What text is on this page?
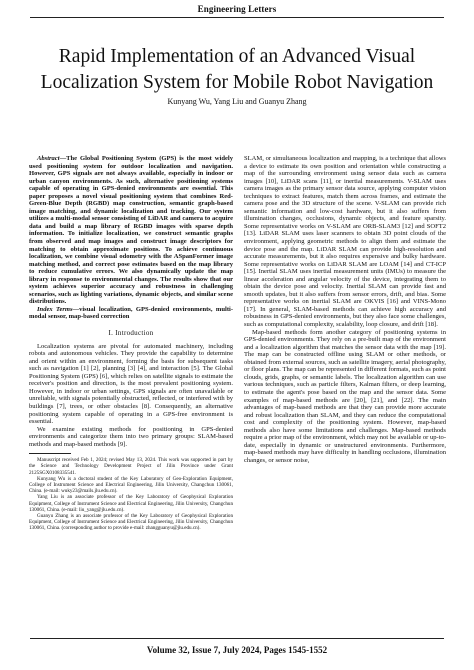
Engineering Letters
Rapid Implementation of an Advanced Visual Localization System for Mobile Robot Navigation
Kunyang Wu, Yang Liu and Guanyu Zhang

Abstract—The Global Positioning System (GPS) is the most widely used positioning system for outdoor localization and navigation. However, GPS signals are not always available, especially in indoor or urban canyon environments. As such, alternative positioning systems capable of operating in GPS-denied environments are essential. This paper proposes a novel visual positioning system that combines Red-Green-Blue Depth (RGBD) map construction, semantic graph-based image matching, and dynamic localization and tracking. Our system utilizes a multi-modal sensor consisting of LiDAR and camera to acquire data and build a map library of RGBD images with sparse depth information. To initialize localization, we construct semantic graphs from observed and map images and construct image descriptors for matching to obtain approximate positions. To achieve continuous localization, we combine visual odometry with the ASpanFormer image matching method, and correct pose estimates based on the map library to reduce cumulative errors. We also dynamically update the map library in response to environmental changes. The results show that our system achieves superior accuracy and robustness in challenging scenarios, such as lighting variations, dynamic objects, and similar scene distributions.

Index Terms—visual localization, GPS-denied environments, multi-modal sensor, map-based correction

I. Introduction

Localization systems are pivotal for automated machinery, including robots and autonomous vehicles. They provide the capability to determine and orient within an environment, forming the basis for subsequent tasks such as navigation [1] [2], planning [3] [4], and interaction [5]. The Global Positioning System (GPS) [6], which relies on satellite signals to estimate the receiver's position and direction, is the most prevalent positioning system. However, in indoor or urban settings, GPS signals are often unavailable or unreliable, with signals potentially obstructed, reflected, or interfered with by buildings [7], trees, or other obstacles [8]. Consequently, an alternative positioning system capable of operating in a GPS-free environment is essential.

We examine existing methods for positioning in GPS-denied environments and categorize them into two primary groups: SLAM-based methods and map-based methods [9].

Manuscript received Feb 1, 2024; revised May 13, 2024. This work was supported in part by the Science and Technology Development Project of Jilin Province under Grant 2125SGX0108335541.

Kunyang Wu is a doctoral student of the Key Laboratory of Geo-Exploration Equipment, College of Instrument Science and Electrical Engineering, Jilin University, Changchun 130061, China. (e-mail: wuky23@mails.jlu.edu.cn).

Yang Liu is an associate professor of the Key Laboratory of Geophysical Exploration Equipment, College of Instrument Science and Electrical Engineering, Jilin University, Changchun 130061, China. (e-mail: liu_yang@jlu.edu.cn).

Guanyu Zhang is an associate professor of the Key Laboratory of Geophysical Exploration Equipment, College of Instrument Science and Electrical Engineering, Jilin University, Changchun 130061, China. (corresponding author to provide e-mail: zhangguanyu@jlu.edu.cn).

SLAM, or simultaneous localization and mapping, is a technique that allows a device to estimate its own position and orientation while constructing a map of the surrounding environment using sensor data such as camera images [10], LiDAR scans [11], or inertial measurements. V-SLAM uses camera images as the primary sensor data source, applying computer vision techniques to extract features, match them across frames, and estimate the camera pose and the 3D structure of the scene. V-SLAM can provide rich semantic information and low-cost hardware, but it also suffers from illumination changes, occlusions, dynamic objects, and feature sparsity. Some representative works on V-SLAM are ORB-SLAM3 [12] and SOFT2 [13]. LiDAR SLAM uses laser scanners to obtain 3D point clouds of the environment, applying geometric methods to align them and estimate the device pose and the map. LiDAR SLAM can provide high-resolution and accurate measurements, but it also requires expensive and bulky hardware. Some representative works on LiDAR SLAM are LOAM [14] and CT-ICP [15]. Inertial SLAM uses inertial measurement units (IMUs) to measure the linear acceleration and angular velocity of the device, integrating them to obtain the device pose and velocity. Inertial SLAM can provide fast and smooth updates, but it also suffers from sensor errors, drift, and bias. Some representative works on inertial SLAM are OKVIS [16] and VINS-Mono [17]. In general, SLAM-based methods can achieve high accuracy and robustness in GPS-denied environments, but they also face some challenges, such as computational complexity, scalability, loop closure, and drift [18].

Map-based methods form another category of positioning systems in GPS-denied environments. They rely on a pre-built map of the environment and a localization algorithm that matches the sensor data with the map [19]. The map can be constructed offline using SLAM or other methods, or obtained from external sources, such as satellite imagery, aerial photography, or floor plans. The map can be represented in different formats, such as point clouds, grids, graphs, or semantic labels. The localization algorithm can use various techniques, such as particle filters, Kalman filters, or deep learning, to estimate the agent's pose based on the map and the sensor data. Some examples of map-based methods are [20], [21], and [22]. The main advantages of map-based methods are that they can provide more accurate and robust localization than SLAM, and they can reduce the computational cost and complexity of the positioning system. However, map-based methods also have some limitations and challenges. Map-based methods require a prior map of the environment, which may not be available or up-to-date, especially in dynamic or unstructured environments. Furthermore, map-based methods may have difficulty in handling occlusions, illumination changes, or sensor noise,

Volume 32, Issue 7, July 2024, Pages 1545-1552
